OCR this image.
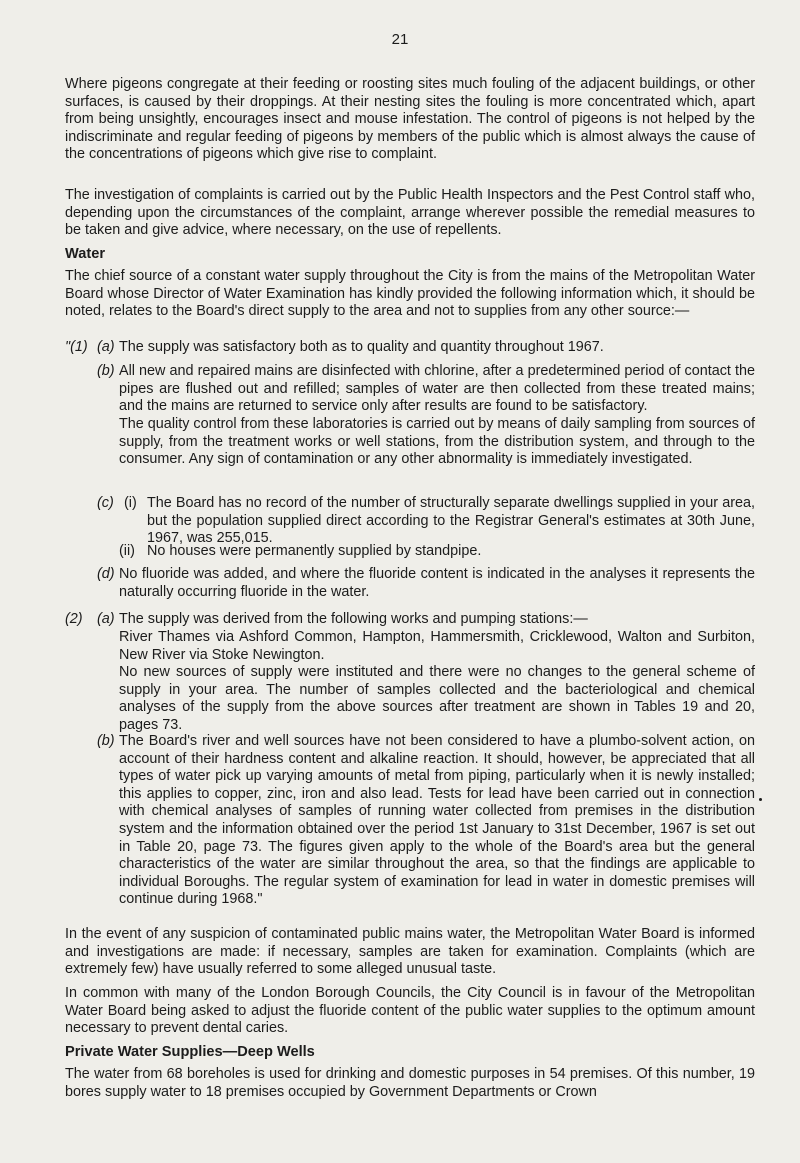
21
Where pigeons congregate at their feeding or roosting sites much fouling of the adjacent buildings, or other surfaces, is caused by their droppings. At their nesting sites the fouling is more concentrated which, apart from being unsightly, encourages insect and mouse infestation. The control of pigeons is not helped by the indiscriminate and regular feeding of pigeons by members of the public which is almost always the cause of the concentrations of pigeons which give rise to complaint.
The investigation of complaints is carried out by the Public Health Inspectors and the Pest Control staff who, depending upon the circumstances of the complaint, arrange wherever possible the remedial measures to be taken and give advice, where necessary, on the use of repellents.
Water
The chief source of a constant water supply throughout the City is from the mains of the Metropolitan Water Board whose Director of Water Examination has kindly provided the following information which, it should be noted, relates to the Board's direct supply to the area and not to supplies from any other source:—
"(1) (a) The supply was satisfactory both as to quality and quantity throughout 1967.
(b) All new and repaired mains are disinfected with chlorine, after a predetermined period of contact the pipes are flushed out and refilled; samples of water are then collected from these treated mains; and the mains are returned to service only after results are found to be satisfactory.
The quality control from these laboratories is carried out by means of daily sampling from sources of supply, from the treatment works or well stations, from the distribution system, and through to the consumer. Any sign of contamination or any other abnormality is immediately investigated.
(c) (i) The Board has no record of the number of structurally separate dwellings supplied in your area, but the population supplied direct according to the Registrar General's estimates at 30th June, 1967, was 255,015.
(ii) No houses were permanently supplied by standpipe.
(d) No fluoride was added, and where the fluoride content is indicated in the analyses it represents the naturally occurring fluoride in the water.
(2) (a) The supply was derived from the following works and pumping stations:—
River Thames via Ashford Common, Hampton, Hammersmith, Cricklewood, Walton and Surbiton, New River via Stoke Newington.
No new sources of supply were instituted and there were no changes to the general scheme of supply in your area. The number of samples collected and the bacteriological and chemical analyses of the supply from the above sources after treatment are shown in Tables 19 and 20, pages 73.
(b) The Board's river and well sources have not been considered to have a plumbo-solvent action, on account of their hardness content and alkaline reaction. It should, however, be appreciated that all types of water pick up varying amounts of metal from piping, particularly when it is newly installed; this applies to copper, zinc, iron and also lead. Tests for lead have been carried out in connection with chemical analyses of samples of running water collected from premises in the distribution system and the information obtained over the period 1st January to 31st December, 1967 is set out in Table 20, page 73. The figures given apply to the whole of the Board's area but the general characteristics of the water are similar throughout the area, so that the findings are applicable to individual Boroughs. The regular system of examination for lead in water in domestic premises will continue during 1968."
In the event of any suspicion of contaminated public mains water, the Metropolitan Water Board is informed and investigations are made: if necessary, samples are taken for examination. Complaints (which are extremely few) have usually referred to some alleged unusual taste.
In common with many of the London Borough Councils, the City Council is in favour of the Metropolitan Water Board being asked to adjust the fluoride content of the public water supplies to the optimum amount necessary to prevent dental caries.
Private Water Supplies—Deep Wells
The water from 68 boreholes is used for drinking and domestic purposes in 54 premises. Of this number, 19 bores supply water to 18 premises occupied by Government Departments or Crown
